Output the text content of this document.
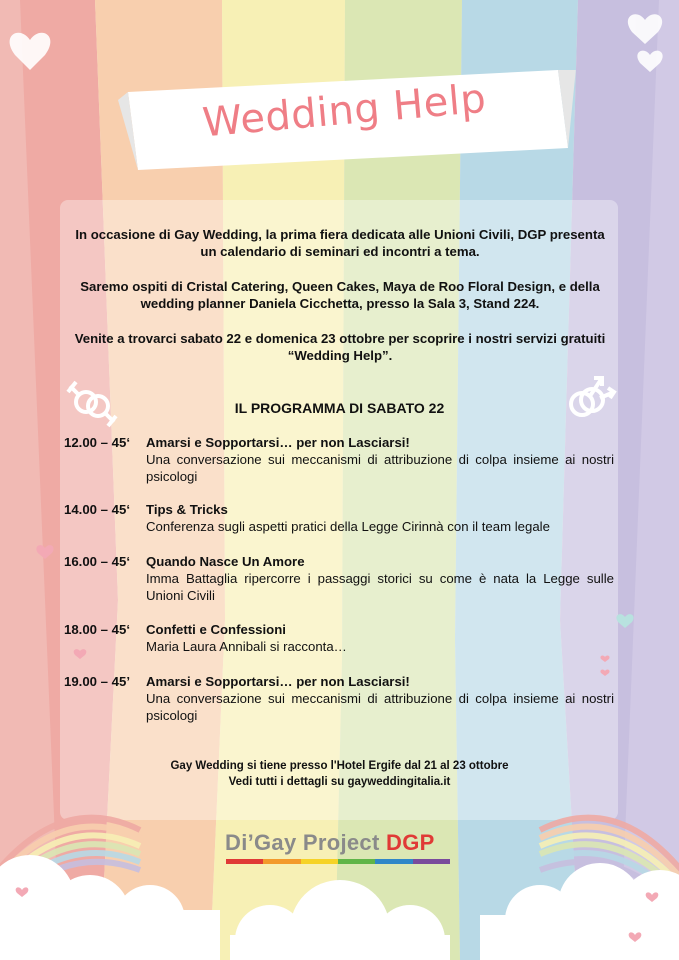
Wedding Help
In occasione di Gay Wedding, la prima fiera dedicata alle Unioni Civili, DGP presenta un calendario di seminari ed incontri a tema.
Saremo ospiti di Cristal Catering, Queen Cakes, Maya de Roo Floral Design, e della wedding planner Daniela Cicchetta, presso la Sala 3, Stand 224.
Venite a trovarci sabato 22 e domenica 23 ottobre per scoprire i nostri servizi gratuiti “Wedding Help”.
IL PROGRAMMA DI SABATO 22
12.00 – 45‘	Amarsi e Sopportarsi… per non Lasciarsi!
Una conversazione sui meccanismi di attribuzione di colpa insieme ai nostri psicologi
14.00 – 45‘	Tips & Tricks
Conferenza sugli aspetti pratici della Legge Cirinnà con il team legale
16.00 – 45‘	Quando Nasce Un Amore
Imma Battaglia ripercorre i passaggi storici su come è nata la Legge sulle Unioni Civili
18.00 – 45‘	Confetti e Confessioni
Maria Laura Annibali si racconta…
19.00 – 45’	Amarsi e Sopportarsi… per non Lasciarsi!
Una conversazione sui meccanismi di attribuzione di colpa insieme ai nostri psicologi
Gay Wedding si tiene presso l'Hotel Ergife dal 21 al 23 ottobre
Vedi tutti i dettagli su gayweddingitalia.it
Di’Gay Project DGP
